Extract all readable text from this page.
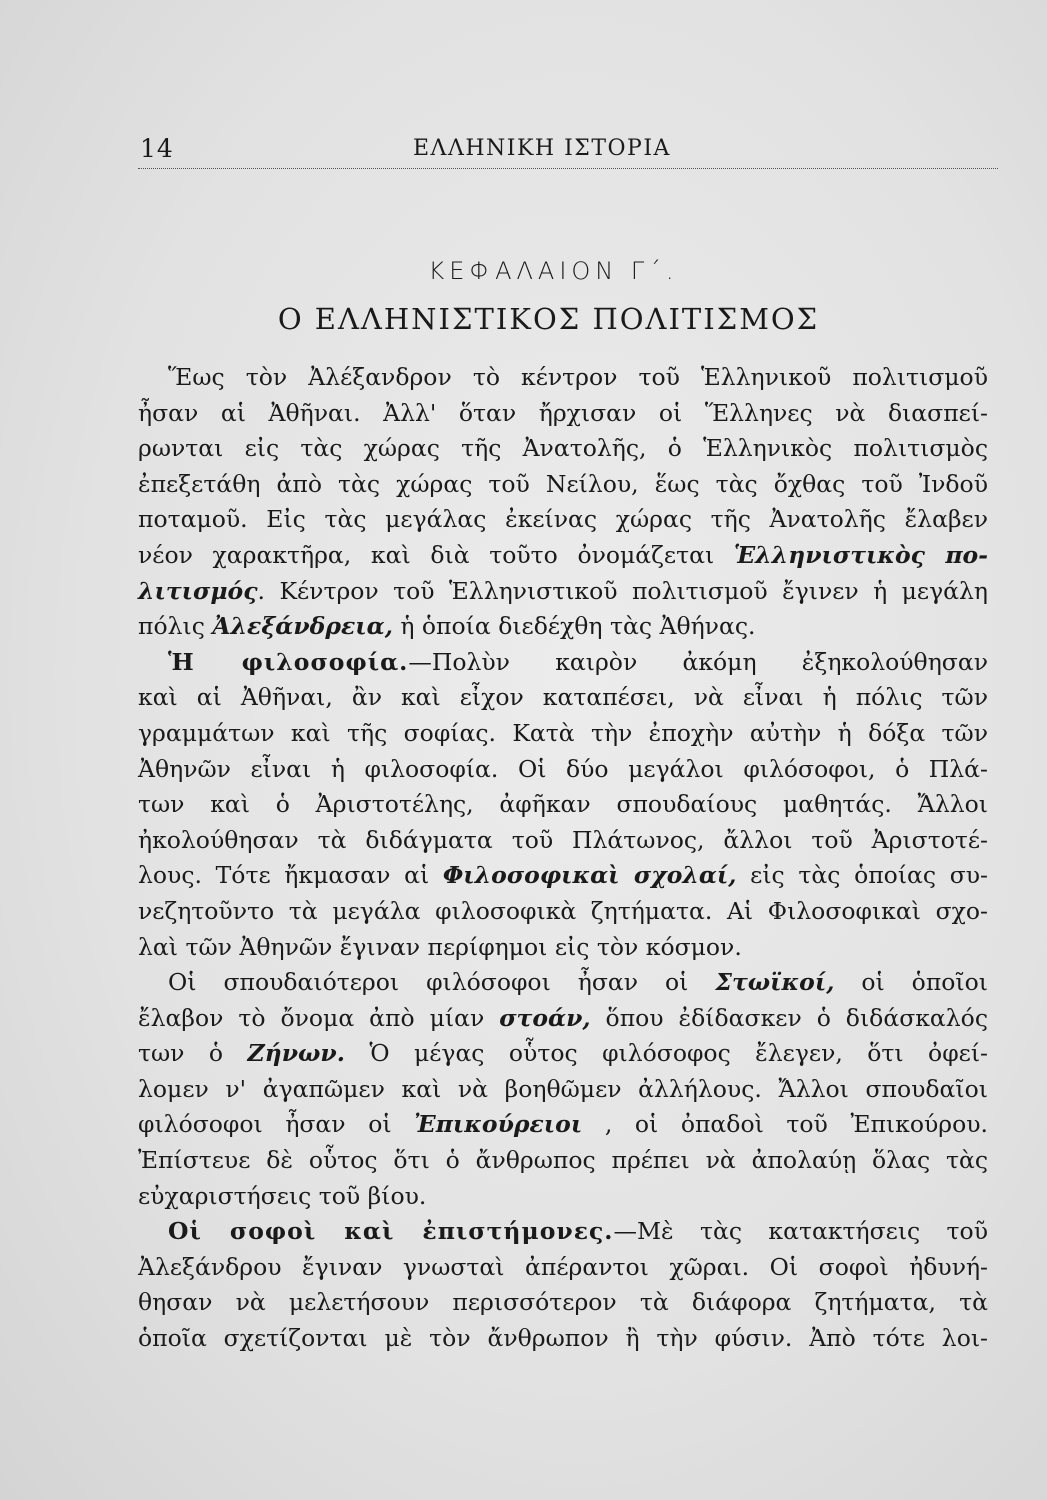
14	ΕΛΛΗΝΙΚΗ ΙΣΤΟΡΙΑ
ΚΕΦΑΛΑΙΟΝ Γ΄.
Ο ΕΛΛΗΝΙΣΤΙΚΟΣ ΠΟΛΙΤΙΣΜΟΣ
Ἕως τὸν Ἀλέξανδρον τὸ κέντρον τοῦ Ἑλληνικοῦ πολιτισμοῦ
ἦσαν αἱ Ἀθῆναι. Ἀλλ' ὅταν ἤρχισαν οἱ Ἕλληνες νὰ διασπεί-
ρωνται εἰς τὰς χώρας τῆς Ἀνατολῆς, ὁ Ἑλληνικὸς πολιτισμὸς
ἐπεξετάθη ἀπὸ τὰς χώρας τοῦ Νείλου, ἕως τὰς ὄχθας τοῦ Ἰνδοῦ
ποταμοῦ. Εἰς τὰς μεγάλας ἐκείνας χώρας τῆς Ἀνατολῆς ἔλαβεν
νέον χαρακτῆρα, καὶ διὰ τοῦτο ὀνομάζεται Ἑλληνιστικὸς πο-
λιτισμός. Κέντρον τοῦ Ἑλληνιστικοῦ πολιτισμοῦ ἔγινεν ἡ μεγάλη
πόλις Ἀλεξάνδρεια, ἡ ὁποία διεδέχθη τὰς Ἀθήνας.
Ἡ φιλοσοφία.—Πολὺν καιρὸν ἀκόμη ἐξηκολούθησαν
καὶ αἱ Ἀθῆναι, ἂν καὶ εἶχον καταπέσει, νὰ εἶναι ἡ πόλις τῶν
γραμμάτων καὶ τῆς σοφίας. Κατὰ τὴν ἐποχὴν αὐτὴν ἡ δόξα τῶν
Ἀθηνῶν εἶναι ἡ φιλοσοφία. Οἱ δύο μεγάλοι φιλόσοφοι, ὁ Πλά-
των καὶ ὁ Ἀριστοτέλης, ἀφῆκαν σπουδαίους μαθητάς. Ἄλλοι
ἠκολούθησαν τὰ διδάγματα τοῦ Πλάτωνος, ἄλλοι τοῦ Ἀριστοτέ-
λους. Τότε ἤκμασαν αἱ Φιλοσοφικαὶ σχολαί, εἰς τὰς ὁποίας συ-
νεζητοῦντο τὰ μεγάλα φιλοσοφικὰ ζητήματα. Αἱ Φιλοσοφικαὶ σχο-
λαὶ τῶν Ἀθηνῶν ἔγιναν περίφημοι εἰς τὸν κόσμον.
Οἱ σπουδαιότεροι φιλόσοφοι ἦσαν οἱ Στωϊκοί, οἱ ὁποῖοι
ἔλαβον τὸ ὄνομα ἀπὸ μίαν στοάν, ὅπου ἐδίδασκεν ὁ διδάσκαλός
των ὁ Ζήνων. Ὁ μέγας οὗτος φιλόσοφος ἔλεγεν, ὅτι ὀφεί-
λομεν ν' ἀγαπῶμεν καὶ νὰ βοηθῶμεν ἀλλήλους. Ἄλλοι σπουδαῖοι
φιλόσοφοι ἦσαν οἱ Ἐπικούρειοι , οἱ ὀπαδοὶ τοῦ Ἐπικούρου.
Ἐπίστευε δὲ οὗτος ὅτι ὁ ἄνθρωπος πρέπει νὰ ἀπολαύῃ ὅλας τὰς
εὐχαριστήσεις τοῦ βίου.
Οἱ σοφοὶ καὶ ἐπιστήμονες.—Μὲ τὰς κατακτήσεις τοῦ
Ἀλεξάνδρου ἔγιναν γνωσταὶ ἀπέραντοι χῶραι. Οἱ σοφοὶ ἠδυνή-
θησαν νὰ μελετήσουν περισσότερον τὰ διάφορα ζητήματα, τὰ
ὁποῖα σχετίζονται μὲ τὸν ἄνθρωπον ἢ τὴν φύσιν. Ἀπὸ τότε λοι-
